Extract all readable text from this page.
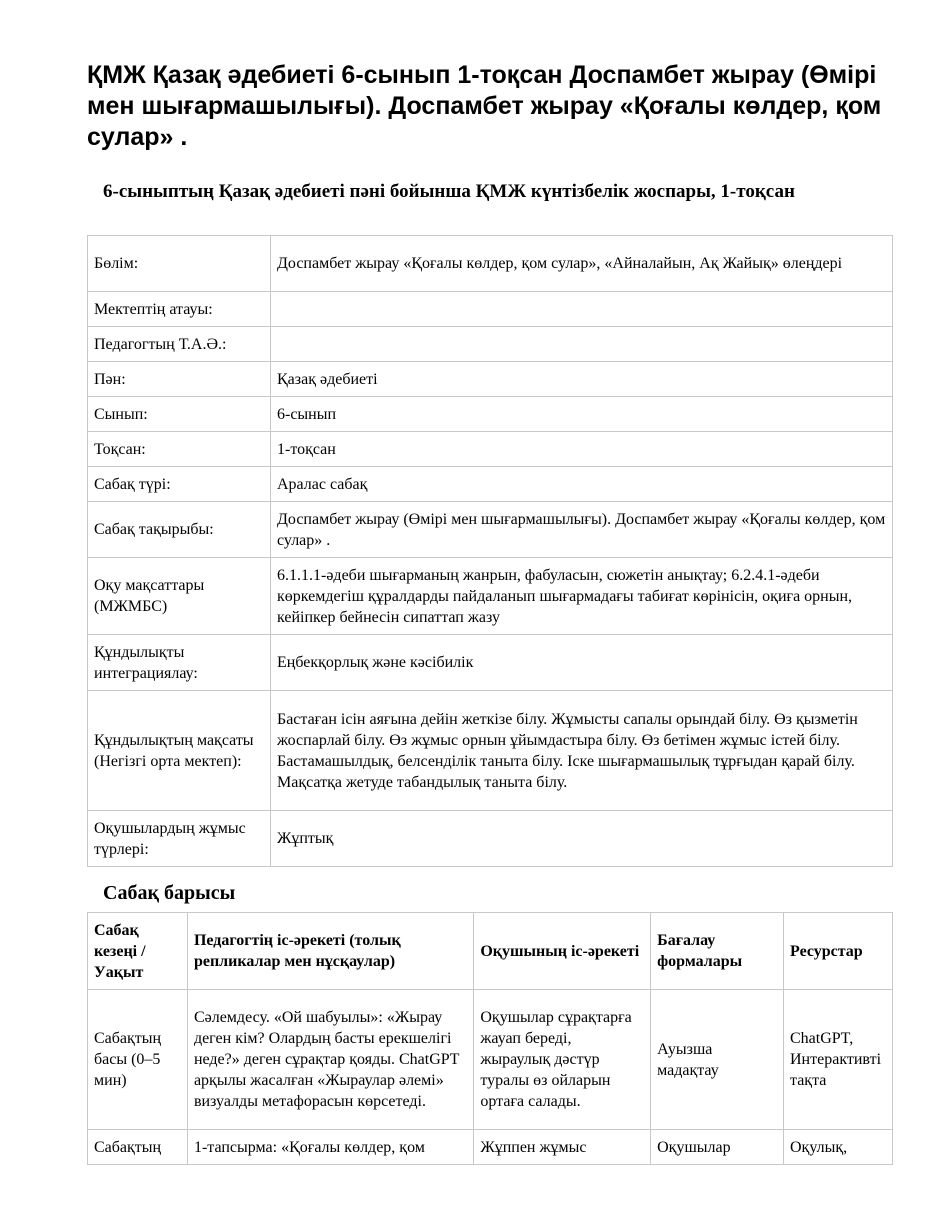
ҚМЖ Қазақ әдебиеті 6-сынып 1-тоқсан Доспамбет жырау (Өмірі мен шығармашылығы). Доспамбет жырау «Қоғалы көлдер, қом сулар» .
6-сыныптың Қазақ әдебиеті пәні бойынша ҚМЖ күнтізбелік жоспары, 1-тоқсан
Бөлім:	Доспамбет жырау «Қоғалы көлдер, қом сулар», «Айналайын, Ақ Жайық» өлеңдері
Мектептің атауы:	
Педагогтың Т.А.Ә.:	
Пән:	Қазақ әдебиеті
Сынып:	6-сынып
Тоқсан:	1-тоқсан
Сабақ түрі:	Аралас сабақ
Сабақ тақырыбы:	Доспамбет жырау (Өмірі мен шығармашылығы). Доспамбет жырау «Қоғалы көлдер, қом сулар» .
Оқу мақсаттары (МЖМБС)	6.1.1.1-әдеби шығарманың жанрын, фабуласын, сюжетін анықтау; 6.2.4.1-әдеби көркемдегіш құралдарды пайдаланып шығармадағы табиғат көрінісін, оқиға орнын, кейіпкер бейнесін сипаттап жазу
Құндылықты интеграциялау:	Еңбекқорлық және кәсібилік
Құндылықтың мақсаты (Негізгі орта мектеп):	Бастаған ісін аяғына дейін жеткізе білу. Жұмысты сапалы орындай білу. Өз қызметін жоспарлай білу. Өз жұмыс орнын ұйымдастыра білу. Өз бетімен жұмыс істей білу. Бастамашылдық, белсенділік таныта білу. Іске шығармашылық тұрғыдан қарай білу. Мақсатқа жетуде табандылық таныта білу.
Оқушылардың жұмыс түрлері:	Жұптық
Сабақ барысы
Сабақ кезеңі / Уақыт	Педагогтің іс-әрекеті (толық репликалар мен нұсқаулар)	Оқушының іс-әрекеті	Бағалау формалары	Ресурстар
Сабақтың басы (0–5 мин)	Сәлемдесу. «Ой шабуылы»: «Жырау деген кім? Олардың басты ерекшелігі неде?» деген сұрақтар қояды. ChatGPT арқылы жасалған «Жыраулар әлемі» визуалды метафорасын көрсетеді.	Оқушылар сұрақтарға жауап береді, жыраулық дәстүр туралы өз ойларын ортаға салады.	Ауызша мадақтау	ChatGPT, Интерактивті тақта
Сабақтың	1-тапсырма: «Қоғалы көлдер, қом	Жұппен жұмыс	Оқушылар	Оқулық,
